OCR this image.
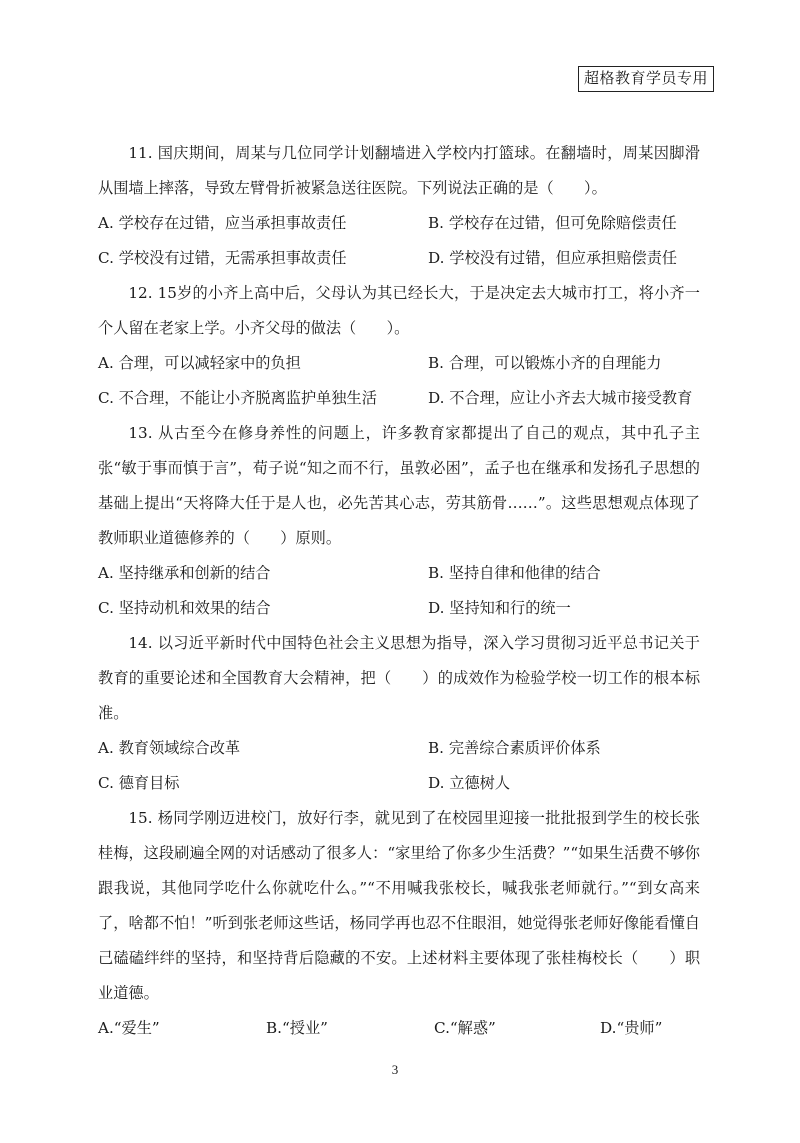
超格教育学员专用

11. 国庆期间，周某与几位同学计划翻墙进入学校内打篮球。在翻墙时，周某因脚滑从围墙上摔落，导致左臂骨折被紧急送往医院。下列说法正确的是（　　）。

A. 学校存在过错，应当承担事故责任	B. 学校存在过错，但可免除赔偿责任
C. 学校没有过错，无需承担事故责任	D. 学校没有过错，但应承担赔偿责任

12. 15岁的小齐上高中后，父母认为其已经长大，于是决定去大城市打工，将小齐一个人留在老家上学。小齐父母的做法（　　）。

A. 合理，可以减轻家中的负担	B. 合理，可以锻炼小齐的自理能力
C. 不合理，不能让小齐脱离监护单独生活	D. 不合理，应让小齐去大城市接受教育

13. 从古至今在修身养性的问题上，许多教育家都提出了自己的观点，其中孔子主张“敏于事而慎于言”，荀子说“知之而不行，虽敦必困”，孟子也在继承和发扬孔子思想的基础上提出“天将降大任于是人也，必先苦其心志，劳其筋骨……”。这些思想观点体现了教师职业道德修养的（　　）原则。

A. 坚持继承和创新的结合	B. 坚持自律和他律的结合
C. 坚持动机和效果的结合	D. 坚持知和行的统一

14. 以习近平新时代中国特色社会主义思想为指导，深入学习贯彻习近平总书记关于教育的重要论述和全国教育大会精神，把（　　）的成效作为检验学校一切工作的根本标准。

A. 教育领域综合改革	B. 完善综合素质评价体系
C. 德育目标	D. 立德树人

15. 杨同学刚迈进校门，放好行李，就见到了在校园里迎接一批批报到学生的校长张桂梅，这段刷遍全网的对话感动了很多人：“家里给了你多少生活费？”“如果生活费不够你跟我说，其他同学吃什么你就吃什么。”“不用喊我张校长，喊我张老师就行。”“到女高来了，啥都不怕！”听到张老师这些话，杨同学再也忍不住眼泪，她觉得张老师好像能看懂自己磕磕绊绊的坚持，和坚持背后隐藏的不安。上述材料主要体现了张桂梅校长（　　）职业道德。

A.“爱生”	B.“授业”	C.“解惑”	D.“贵师”
3
